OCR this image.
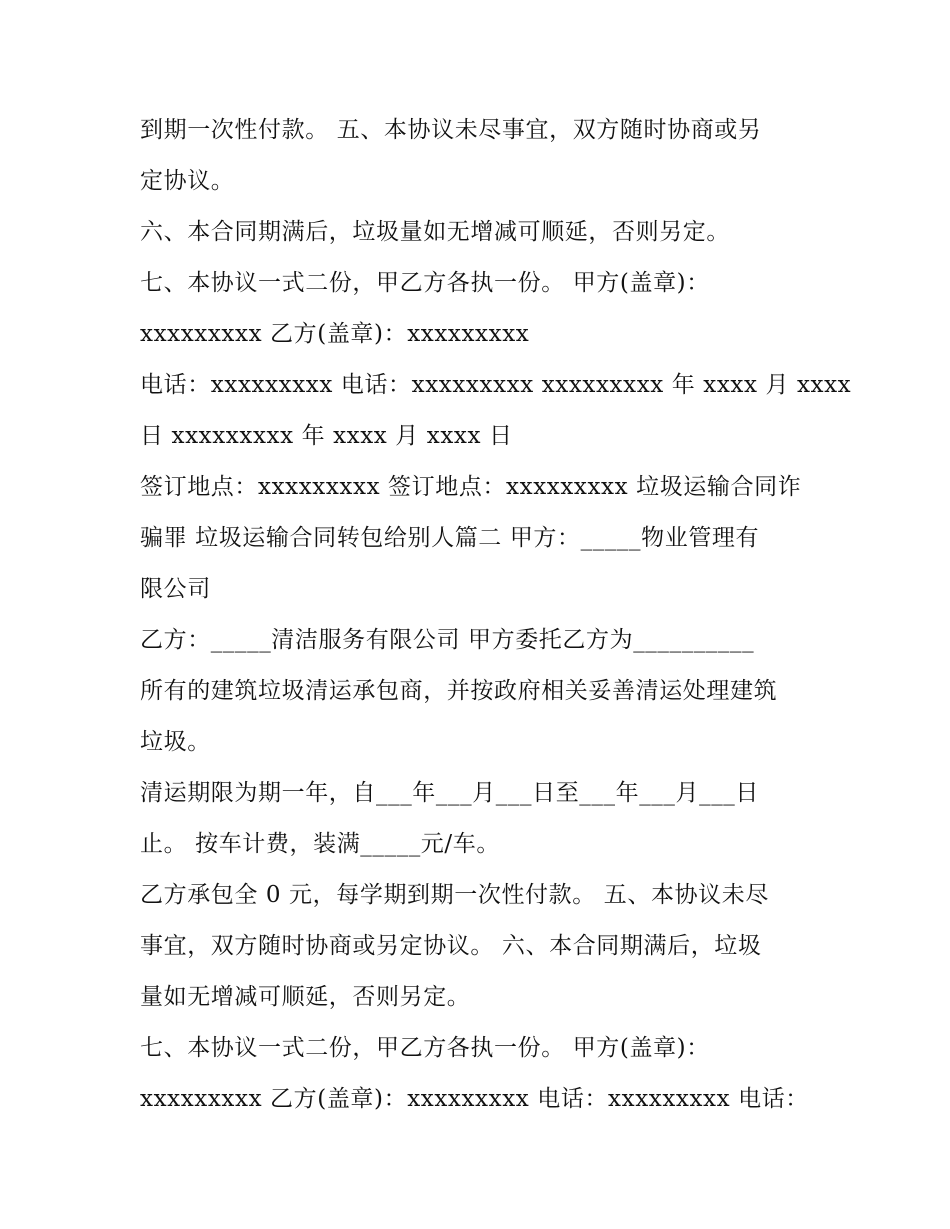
到期一次性付款。 五、本协议未尽事宜，双方随时协商或另
定协议。
六、本合同期满后，垃圾量如无增减可顺延，否则另定。
七、本协议一式二份，甲乙方各执一份。 甲方(盖章)：
xxxxxxxxx 乙方(盖章)：xxxxxxxxx
电话：xxxxxxxxx 电话：xxxxxxxxx xxxxxxxxx 年 xxxx 月 xxxx
日 xxxxxxxxx 年 xxxx 月 xxxx 日
签订地点：xxxxxxxxx 签订地点：xxxxxxxxx 垃圾运输合同诈
骗罪 垃圾运输合同转包给别人篇二 甲方：_____物业管理有
限公司
乙方：_____清洁服务有限公司 甲方委托乙方为__________
所有的建筑垃圾清运承包商，并按政府相关妥善清运处理建筑
垃圾。
清运期限为期一年，自___年___月___日至___年___月___日
止。 按车计费，装满_____元/车。
乙方承包全 0 元，每学期到期一次性付款。 五、本协议未尽
事宜，双方随时协商或另定协议。 六、本合同期满后，垃圾
量如无增减可顺延，否则另定。
七、本协议一式二份，甲乙方各执一份。 甲方(盖章)：
xxxxxxxxx 乙方(盖章)：xxxxxxxxx 电话：xxxxxxxxx 电话：
